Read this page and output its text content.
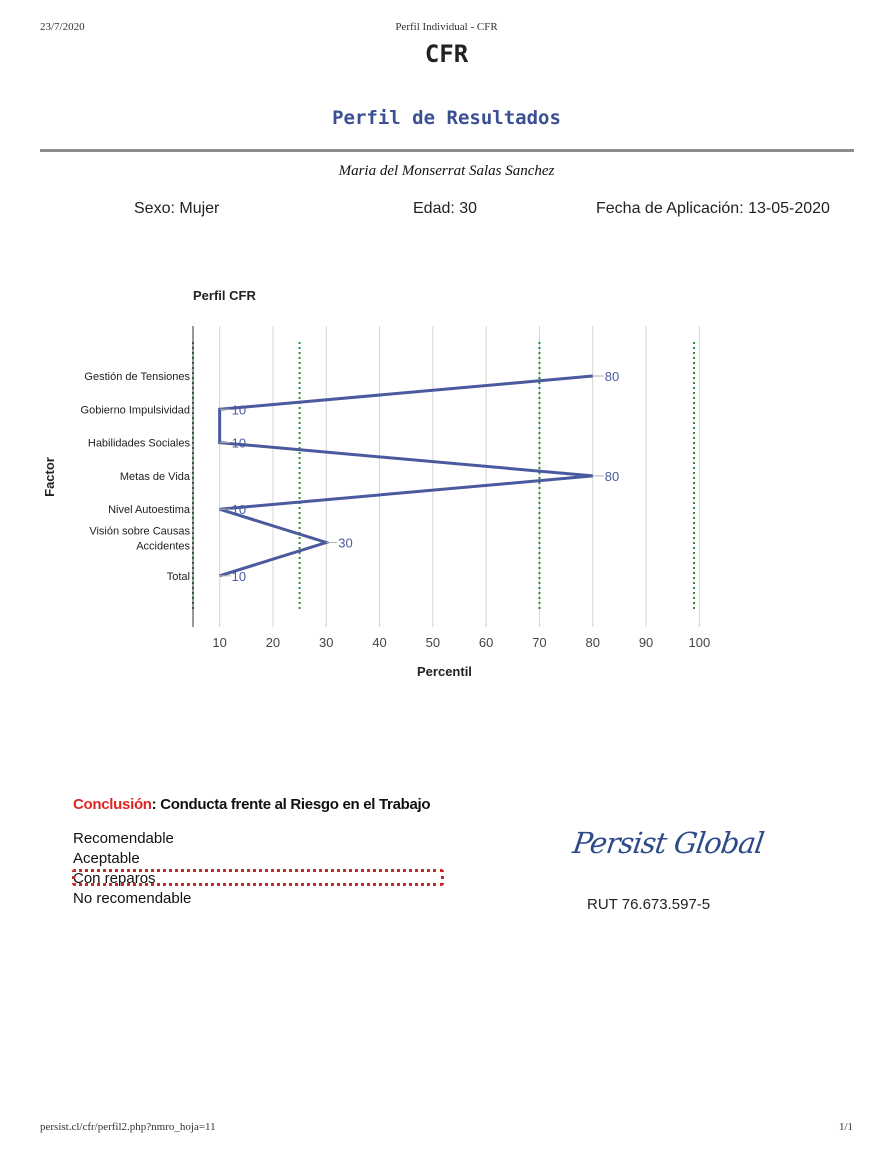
23/7/2020	Perfil Individual - CFR
CFR
Perfil de Resultados
Maria del Monserrat Salas Sanchez
Sexo: Mujer	Edad: 30	Fecha de Aplicación: 13-05-2020
Perfil CFR
Percentil
Factor
10	20	30	40	50	60	70	80	90	100
Gestión de Tensiones
Gobierno Impulsividad
Habilidades Sociales
Metas de Vida
Nivel Autoestima
Visión sobre Causas Accidentes
Total
80
10
10
80
10
30
10
Conclusión: Conducta frente al Riesgo en el Trabajo
Recomendable
Aceptable
Con reparos
No recomendable
Persist Global
RUT 76.673.597-5
persist.cl/cfr/perfil2.php?nmro_hoja=11	1/1
